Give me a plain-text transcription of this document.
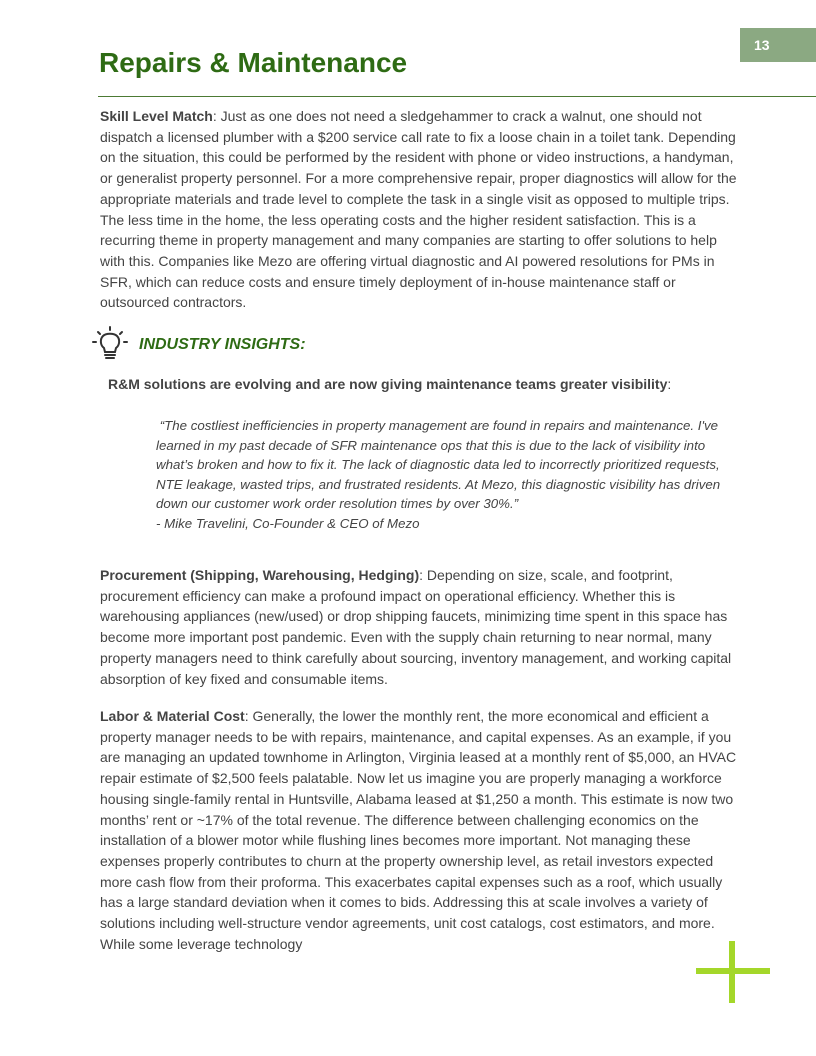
13
Repairs & Maintenance

Skill Level Match: Just as one does not need a sledgehammer to crack a walnut, one should not dispatch a licensed plumber with a $200 service call rate to fix a loose chain in a toilet tank. Depending on the situation, this could be performed by the resident with phone or video instructions, a handyman, or generalist property personnel. For a more comprehensive repair, proper diagnostics will allow for the appropriate materials and trade level to complete the task in a single visit as opposed to multiple trips. The less time in the home, the less operating costs and the higher resident satisfaction. This is a recurring theme in property management and many companies are starting to offer solutions to help with this. Companies like Mezo are offering virtual diagnostic and AI powered resolutions for PMs in SFR, which can reduce costs and ensure timely deployment of in-house maintenance staff or outsourced contractors.

INDUSTRY INSIGHTS:
R&M solutions are evolving and are now giving maintenance teams greater visibility:

“The costliest inefficiencies in property management are found in repairs and maintenance. I've learned in my past decade of SFR maintenance ops that this is due to the lack of visibility into what’s broken and how to fix it. The lack of diagnostic data led to incorrectly prioritized requests, NTE leakage, wasted trips, and frustrated residents. At Mezo, this diagnostic visibility has driven down our customer work order resolution times by over 30%.”
- Mike Travelini, Co-Founder & CEO of Mezo

Procurement (Shipping, Warehousing, Hedging): Depending on size, scale, and footprint, procurement efficiency can make a profound impact on operational efficiency. Whether this is warehousing appliances (new/used) or drop shipping faucets, minimizing time spent in this space has become more important post pandemic. Even with the supply chain returning to near normal, many property managers need to think carefully about sourcing, inventory management, and working capital absorption of key fixed and consumable items.

Labor & Material Cost: Generally, the lower the monthly rent, the more economical and efficient a property manager needs to be with repairs, maintenance, and capital expenses. As an example, if you are managing an updated townhome in Arlington, Virginia leased at a monthly rent of $5,000, an HVAC repair estimate of $2,500 feels palatable. Now let us imagine you are properly managing a workforce housing single-family rental in Huntsville, Alabama leased at $1,250 a month. This estimate is now two months’ rent or ~17% of the total revenue. The difference between challenging economics on the installation of a blower motor while flushing lines becomes more important. Not managing these expenses properly contributes to churn at the property ownership level, as retail investors expected more cash flow from their proforma. This exacerbates capital expenses such as a roof, which usually has a large standard deviation when it comes to bids. Addressing this at scale involves a variety of solutions including well-structure vendor agreements, unit cost catalogs, cost estimators, and more. While some leverage technology
